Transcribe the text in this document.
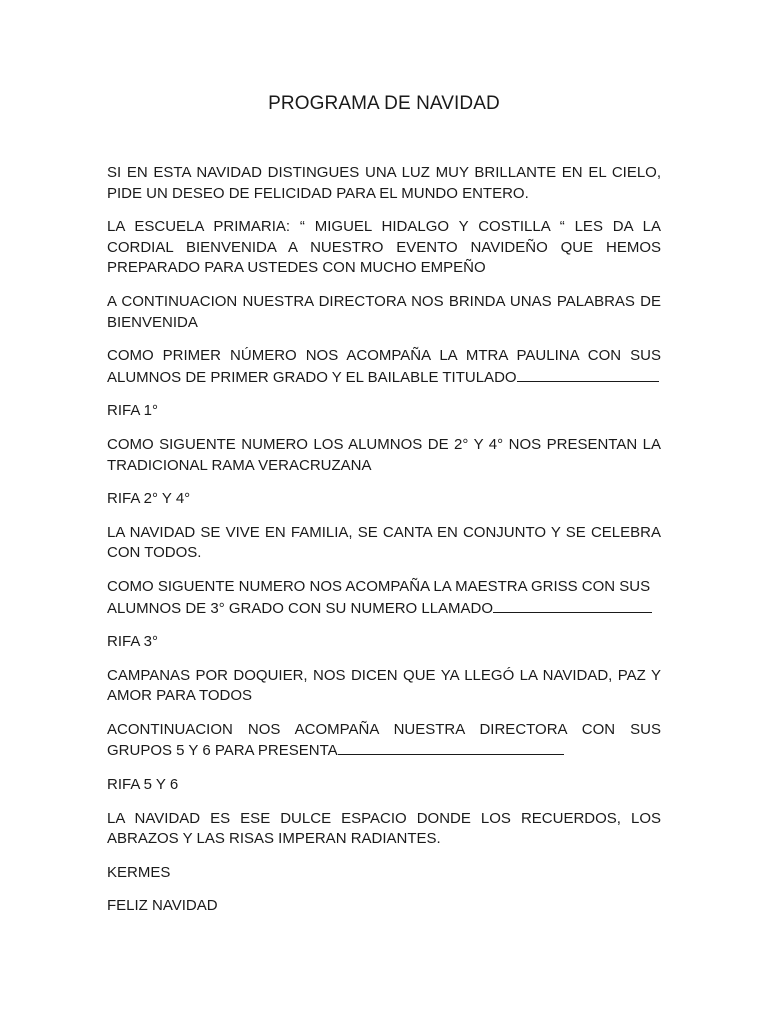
PROGRAMA DE NAVIDAD

SI EN ESTA NAVIDAD DISTINGUES UNA LUZ MUY BRILLANTE EN EL CIELO, PIDE UN DESEO DE FELICIDAD PARA EL MUNDO ENTERO.

LA ESCUELA PRIMARIA: “ MIGUEL HIDALGO Y COSTILLA “ LES DA LA CORDIAL BIENVENIDA A NUESTRO EVENTO NAVIDEÑO QUE HEMOS PREPARADO PARA USTEDES CON MUCHO EMPEÑO

A CONTINUACION NUESTRA DIRECTORA NOS BRINDA UNAS PALABRAS DE BIENVENIDA

COMO PRIMER NÚMERO NOS ACOMPAÑA LA MTRA PAULINA CON SUS ALUMNOS DE PRIMER GRADO Y EL BAILABLE TITULADO

RIFA 1°

COMO SIGUENTE NUMERO LOS ALUMNOS DE 2° Y 4° NOS PRESENTAN LA TRADICIONAL RAMA VERACRUZANA

RIFA 2° Y 4°

LA NAVIDAD SE VIVE EN FAMILIA, SE CANTA EN CONJUNTO Y SE CELEBRA CON TODOS.

COMO SIGUENTE NUMERO NOS ACOMPAÑA LA MAESTRA GRISS CON SUS ALUMNOS DE 3° GRADO CON SU NUMERO LLAMADO

RIFA 3°

CAMPANAS POR DOQUIER, NOS DICEN QUE YA LLEGÓ LA NAVIDAD, PAZ Y AMOR PARA TODOS

ACONTINUACION NOS ACOMPAÑA NUESTRA DIRECTORA CON SUS GRUPOS 5 Y 6 PARA PRESENTA

RIFA 5 Y 6

LA NAVIDAD ES ESE DULCE ESPACIO DONDE LOS RECUERDOS, LOS ABRAZOS Y LAS RISAS IMPERAN RADIANTES.

KERMES

FELIZ NAVIDAD
